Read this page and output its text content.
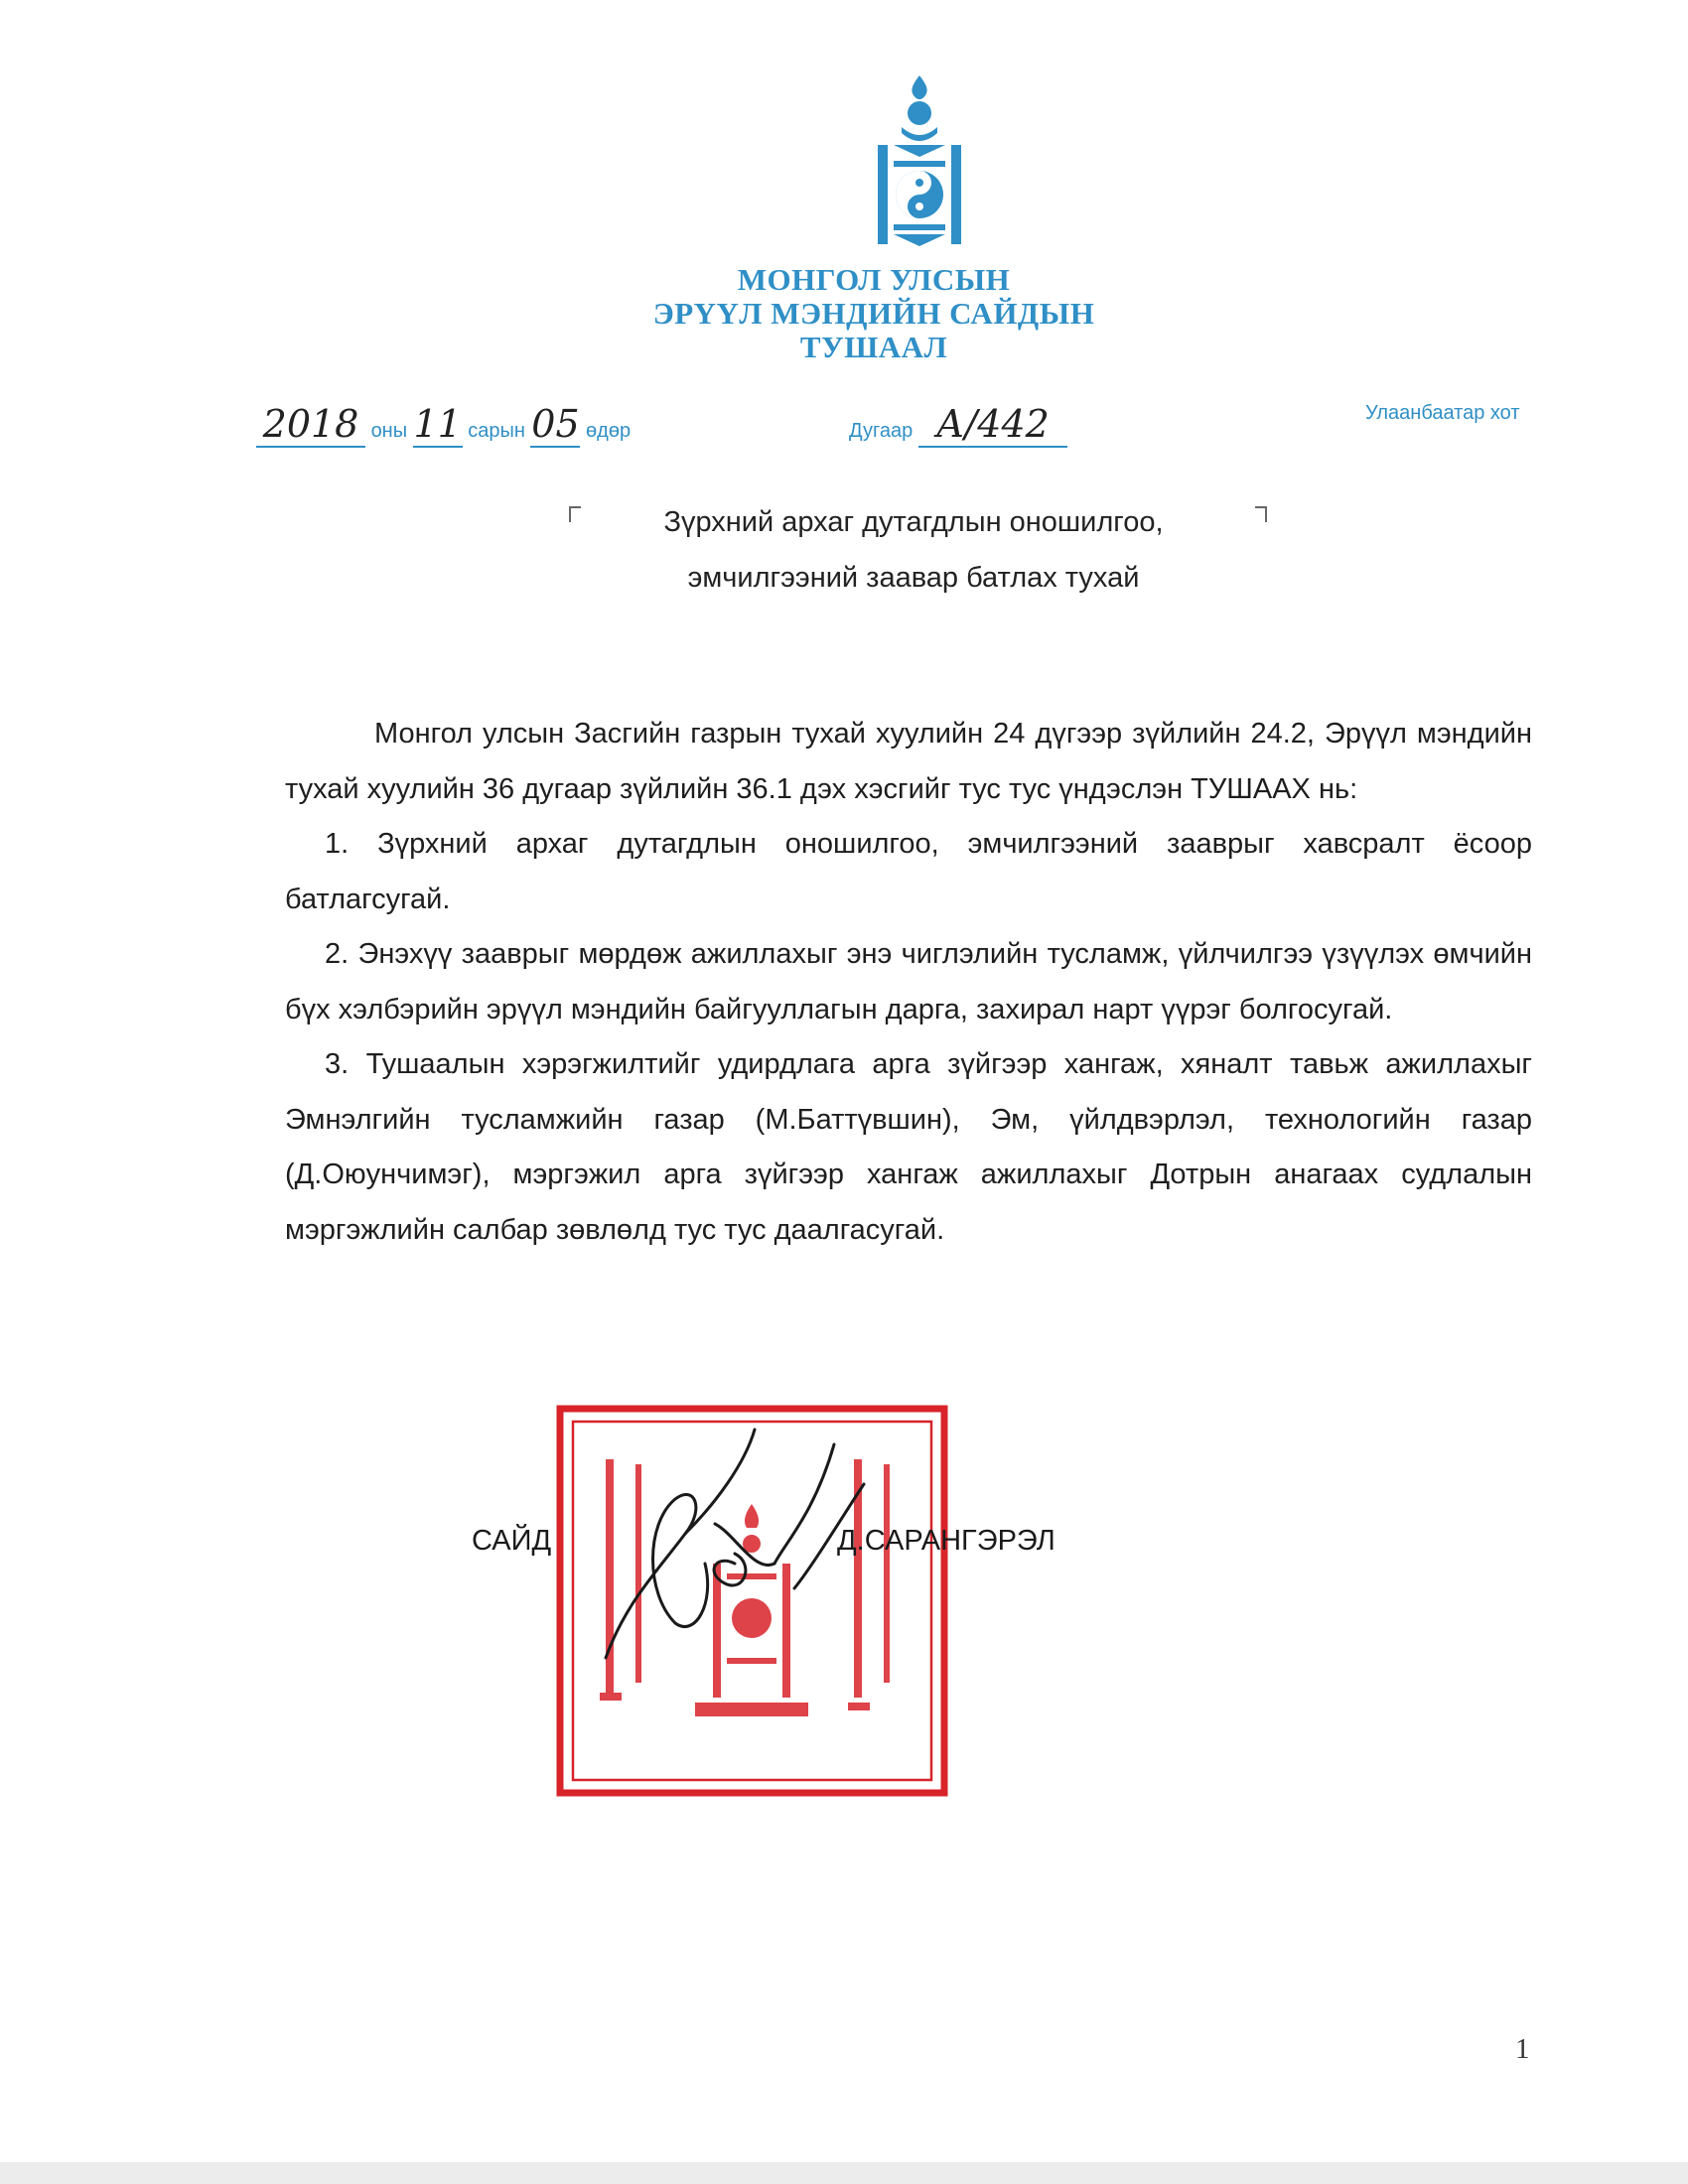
МОНГОЛ УЛСЫН
ЭРҮҮЛ МЭНДИЙН САЙДЫН
ТУШААЛ
2018 оны 11 сарын 05 өдөр	Дугаар А/442	Улаанбаатар хот
Зүрхний архаг дутагдлын оношилгоо,
эмчилгээний заавар батлах тухай

Монгол улсын Засгийн газрын тухай хуулийн 24 дүгээр зүйлийн 24.2, Эрүүл мэндийн тухай хуулийн 36 дугаар зүйлийн 36.1 дэх хэсгийг тус тус үндэслэн ТУШААХ нь:

1. Зүрхний архаг дутагдлын оношилгоо, эмчилгээний зааврыг хавсралт ёсоор батлагсугай.

2. Энэхүү зааврыг мөрдөж ажиллахыг энэ чиглэлийн тусламж, үйлчилгээ үзүүлэх өмчийн бүх хэлбэрийн эрүүл мэндийн байгууллагын дарга, захирал нарт үүрэг болгосугай.

3. Тушаалын хэрэгжилтийг удирдлага арга зүйгээр хангаж, хяналт тавьж ажиллахыг Эмнэлгийн тусламжийн газар (М.Баттүвшин), Эм, үйлдвэрлэл, технологийн газар (Д.Оюунчимэг), мэргэжил арга зүйгээр хангаж ажиллахыг Дотрын анагаах судлалын мэргэжлийн салбар зөвлөлд тус тус даалгасугай.

САЙД	Д.САРАНГЭРЭЛ
1
